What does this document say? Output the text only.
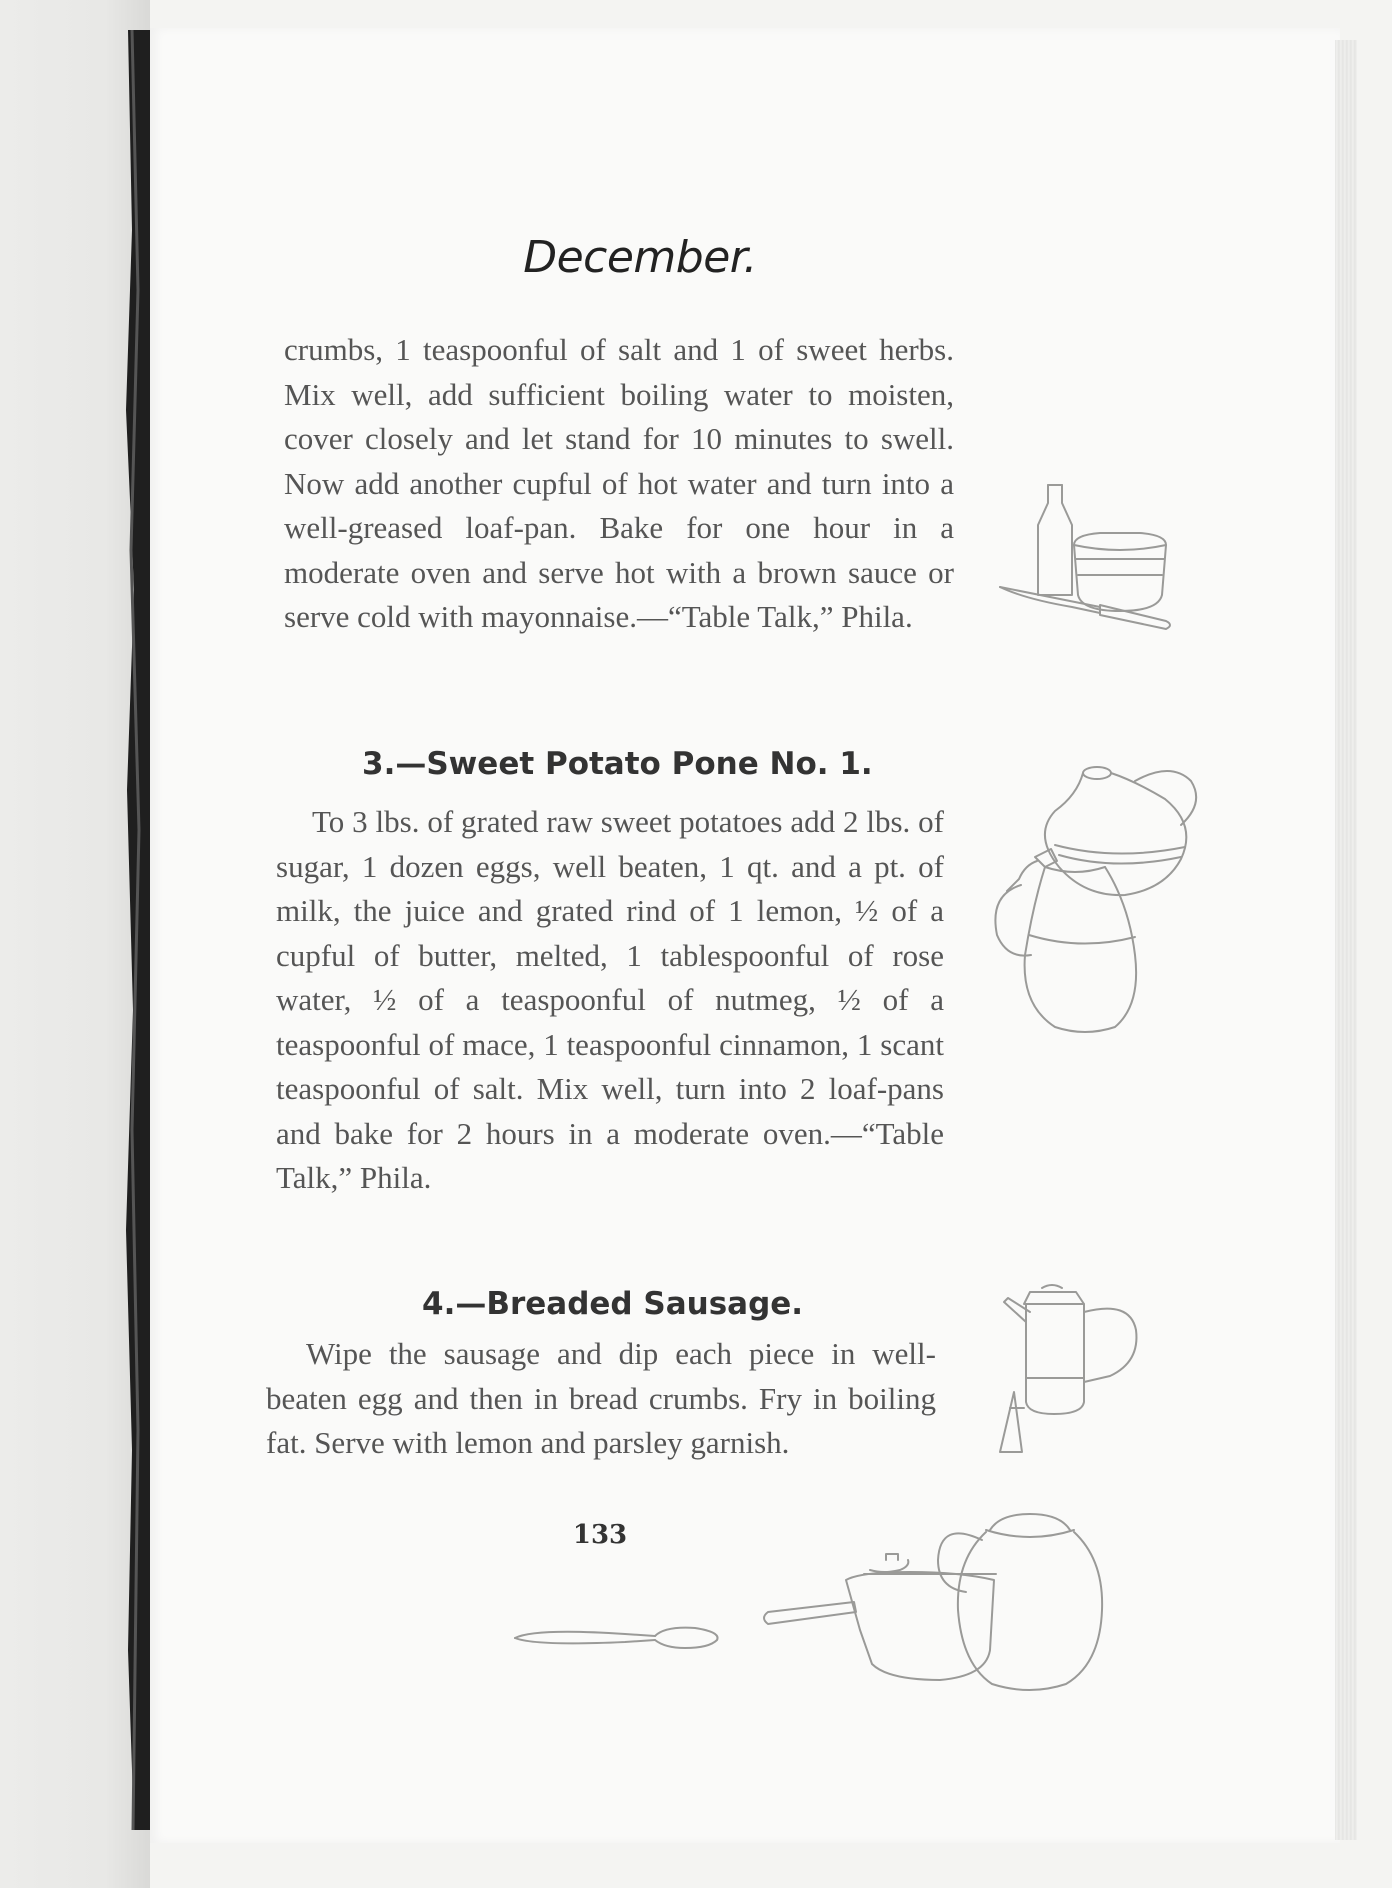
December.

crumbs, 1 teaspoonful of salt and 1 of sweet herbs. Mix well, add sufficient boiling water to moisten, cover closely and let stand for 10 minutes to swell. Now add another cupful of hot water and turn into a well-greased loaf-pan. Bake for one hour in a moderate oven and serve hot with a brown sauce or serve cold with mayonnaise.—“Table Talk,” Phila.

3.—Sweet Potato Pone No. 1.

To 3 lbs. of grated raw sweet potatoes add 2 lbs. of sugar, 1 dozen eggs, well beaten, 1 qt. and a pt. of milk, the juice and grated rind of 1 lemon, ½ of a cupful of butter, melted, 1 tablespoonful of rose water, ½ of a teaspoonful of nutmeg, ½ of a teaspoonful of mace, 1 teaspoonful cinnamon, 1 scant teaspoonful of salt. Mix well, turn into 2 loaf-pans and bake for 2 hours in a moderate oven.—“Table Talk,” Phila.

4.—Breaded Sausage.

Wipe the sausage and dip each piece in well-beaten egg and then in bread crumbs. Fry in boiling fat. Serve with lemon and parsley garnish.

133
